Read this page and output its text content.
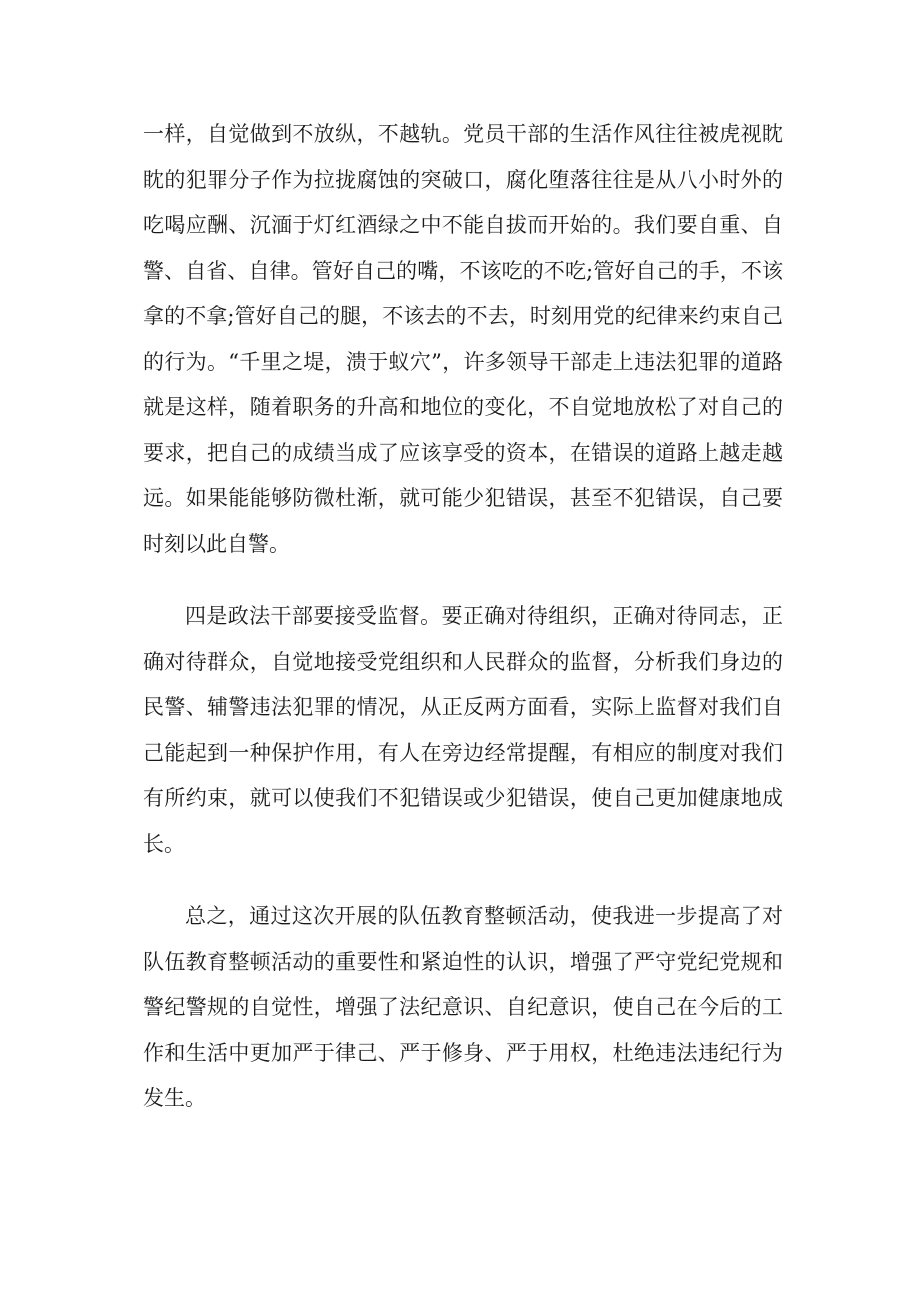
一样，自觉做到不放纵，不越轨。党员干部的生活作风往往被虎视眈眈的犯罪分子作为拉拢腐蚀的突破口，腐化堕落往往是从八小时外的吃喝应酬、沉湎于灯红酒绿之中不能自拔而开始的。我们要自重、自警、自省、自律。管好自己的嘴，不该吃的不吃;管好自己的手，不该拿的不拿;管好自己的腿，不该去的不去，时刻用党的纪律来约束自己的行为。“千里之堤，溃于蚁穴”，许多领导干部走上违法犯罪的道路就是这样，随着职务的升高和地位的变化，不自觉地放松了对自己的要求，把自己的成绩当成了应该享受的资本，在错误的道路上越走越远。如果能能够防微杜渐，就可能少犯错误，甚至不犯错误，自己要时刻以此自警。

四是政法干部要接受监督。要正确对待组织，正确对待同志，正确对待群众，自觉地接受党组织和人民群众的监督，分析我们身边的民警、辅警违法犯罪的情况，从正反两方面看，实际上监督对我们自己能起到一种保护作用，有人在旁边经常提醒，有相应的制度对我们有所约束，就可以使我们不犯错误或少犯错误，使自己更加健康地成长。

总之，通过这次开展的队伍教育整顿活动，使我进一步提高了对队伍教育整顿活动的重要性和紧迫性的认识，增强了严守党纪党规和警纪警规的自觉性，增强了法纪意识、自纪意识，使自己在今后的工作和生活中更加严于律己、严于修身、严于用权，杜绝违法违纪行为发生。
